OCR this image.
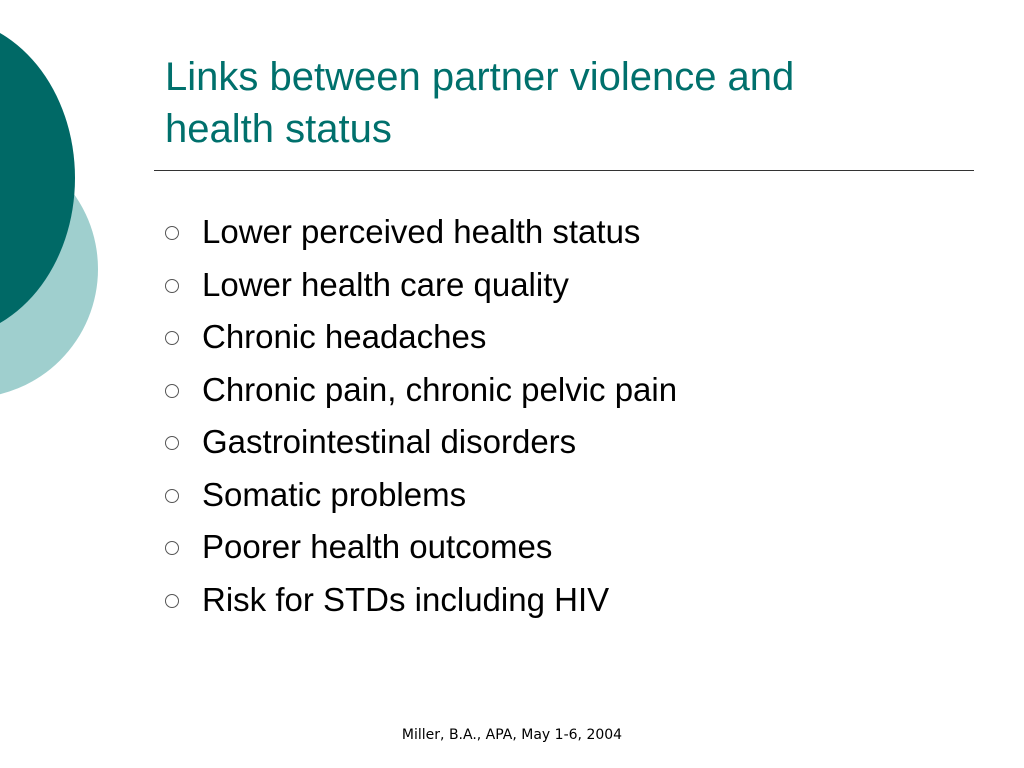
Links between partner violence and
health status
Lower perceived health status
Lower health care quality
Chronic headaches
Chronic pain, chronic pelvic pain
Gastrointestinal disorders
Somatic problems
Poorer health outcomes
Risk for STDs including HIV
Miller, B.A., APA, May 1-6, 2004
